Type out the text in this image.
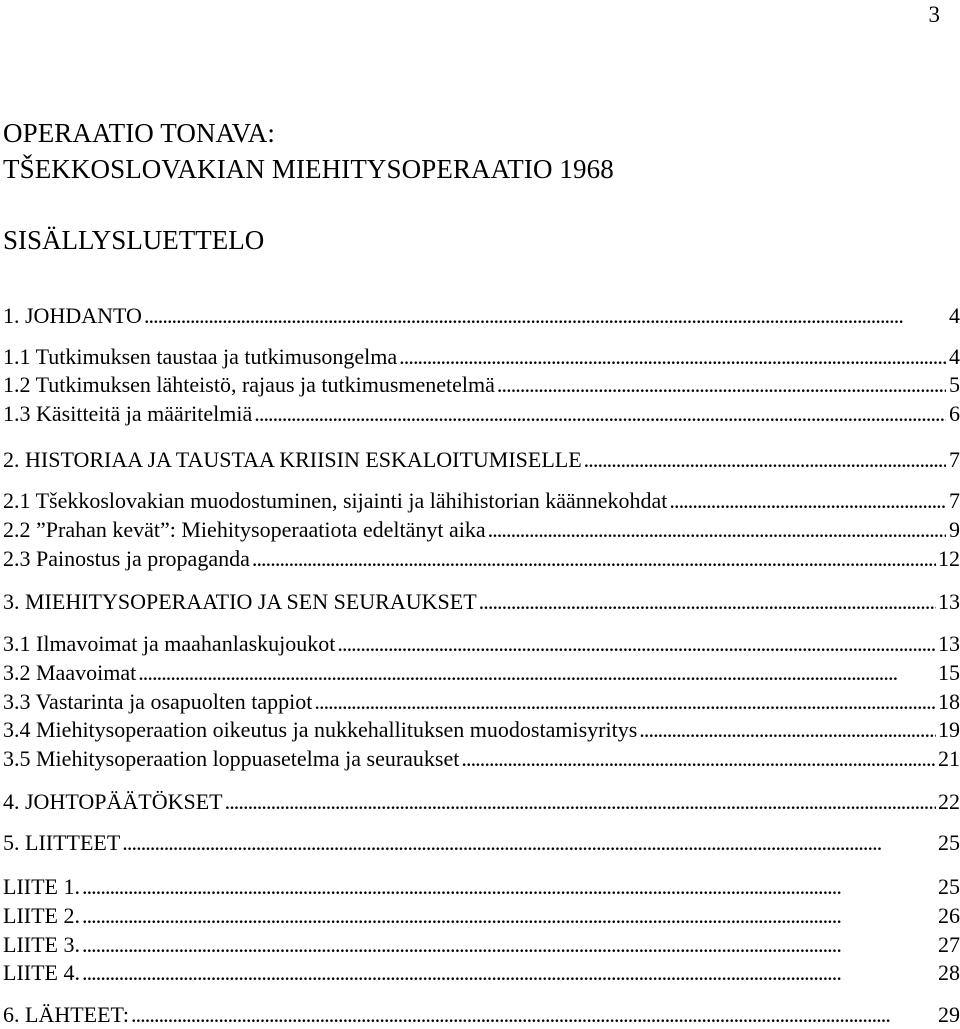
3
OPERAATIO TONAVA:
TŠEKKOSLOVAKIAN MIEHITYSOPERAATIO 1968
SISÄLLYSLUETTELO
1. JOHDANTO . . .	4
1.1 Tutkimuksen taustaa ja tutkimusongelma . . .	4
1.2 Tutkimuksen lähteistö, rajaus ja tutkimusmenetelmä . . .	5
1.3 Käsitteitä ja määritelmiä . . .	6
2. HISTORIAA JA TAUSTAA KRIISIN ESKALOITUMISELLE . . .	7
2.1 Tšekkoslovakian muodostuminen, sijainti ja lähihistorian käännekohdat . . .	7
2.2 ”Prahan kevät”: Miehitysoperaatiota edeltänyt aika . . .	9
2.3 Painostus ja propaganda . . .	12
3. MIEHITYSOPERAATIO JA SEN SEURAUKSET . . .	13
3.1 Ilmavoimat ja maahanlaskujoukot . . .	13
3.2 Maavoimat . . .	15
3.3 Vastarinta ja osapuolten tappiot . . .	18
3.4 Miehitysoperaation oikeutus ja nukkehallituksen muodostamisyritys . . .	19
3.5 Miehitysoperaation loppuasetelma ja seuraukset . . .	21
4. JOHTOPÄÄTÖKSET . . .	22
5. LIITTEET . . .	25
LIITE 1. . . .	25
LIITE 2. . . .	26
LIITE 3. . . .	27
LIITE 4. . . .	28
6. LÄHTEET: . . .	29
